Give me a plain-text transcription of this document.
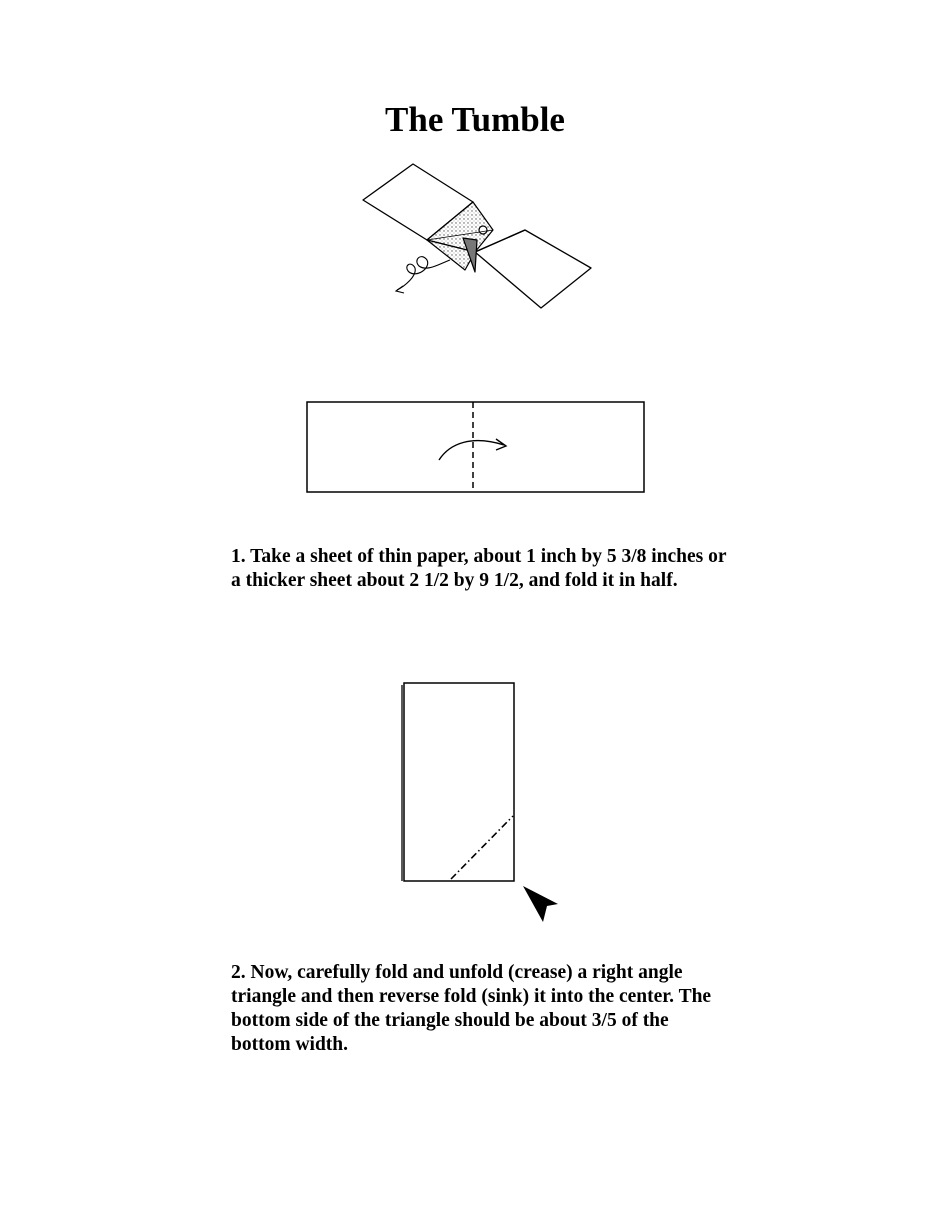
The Tumble

1. Take a sheet of thin paper, about 1 inch by 5 3/8 inches or a thicker sheet about 2 1/2 by 9 1/2, and fold it in half.

2. Now, carefully fold and unfold (crease) a right angle triangle and then reverse fold (sink) it into the center. The bottom side of the triangle should be about 3/5 of the bottom width.
